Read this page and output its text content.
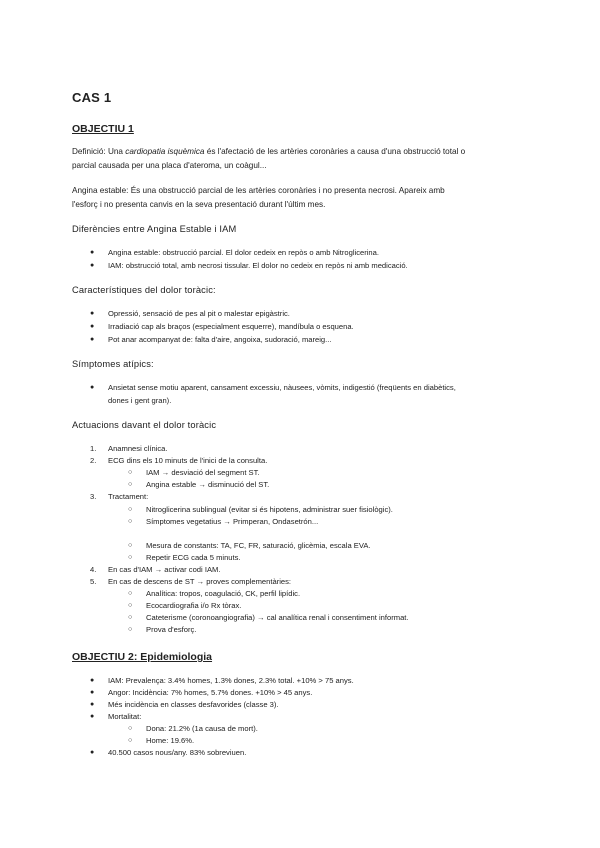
CAS 1
OBJECTIU 1
Definició: Una cardiopatia isquèmica és l'afectació de les artèries coronàries a causa d'una obstrucció total o
parcial causada per una placa d'ateroma, un coàgul...
Angina estable: És una obstrucció parcial de les artèries coronàries i no presenta necrosi. Apareix amb
l'esforç i no presenta canvis en la seva presentació durant l'últim mes.
Diferències entre Angina Estable i IAM
● Angina estable: obstrucció parcial. El dolor cedeix en repòs o amb Nitroglicerina.
● IAM: obstrucció total, amb necrosi tissular. El dolor no cedeix en repòs ni amb medicació.
Característiques del dolor toràcic:
● Opressió, sensació de pes al pit o malestar epigàstric.
● Irradiació cap als braços (especialment esquerre), mandíbula o esquena.
● Pot anar acompanyat de: falta d'aire, angoixa, sudoració, mareig...
Símptomes atípics:
● Ansietat sense motiu aparent, cansament excessiu, nàusees, vòmits, indigestió (freqüents en diabètics,
dones i gent gran).
Actuacions davant el dolor toràcic
1. Anamnesi clínica.
2. ECG dins els 10 minuts de l'inici de la consulta.
○ IAM → desviació del segment ST.
○ Angina estable → disminució del ST.
3. Tractament:
○ Nitroglicerina sublingual (evitar si és hipotens, administrar suer fisiològic).
○ Símptomes vegetatius → Primperan, Ondasetrón...
○ Mesura de constants: TA, FC, FR, saturació, glicèmia, escala EVA.
○ Repetir ECG cada 5 minuts.
4. En cas d'IAM → activar codi IAM.
5. En cas de descens de ST → proves complementàries:
○ Analítica: tropos, coagulació, CK, perfil lipídic.
○ Ecocardiografia i/o Rx tòrax.
○ Cateterisme (coronoangiografia) → cal analítica renal i consentiment informat.
○ Prova d'esforç.
OBJECTIU 2: Epidemiologia
● IAM: Prevalença: 3.4% homes, 1.3% dones, 2.3% total. +10% > 75 anys.
● Angor: Incidència: 7% homes, 5.7% dones. +10% > 45 anys.
● Més incidència en classes desfavorides (classe 3).
● Mortalitat:
○ Dona: 21.2% (1a causa de mort).
○ Home: 19.6%.
● 40.500 casos nous/any. 83% sobreviuen.
